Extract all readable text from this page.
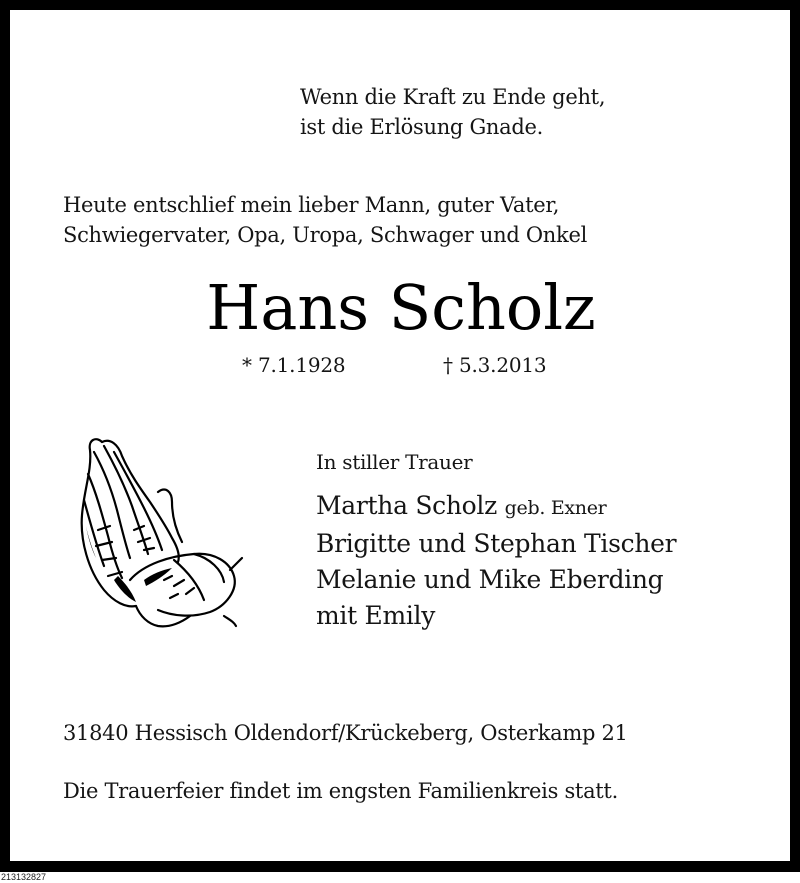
Wenn die Kraft zu Ende geht,
ist die Erlösung Gnade.
Heute entschlief mein lieber Mann, guter Vater,
Schwiegervater, Opa, Uropa, Schwager und Onkel
Hans Scholz
* 7.1.1928	† 5.3.2013
In stiller Trauer
Martha Scholz geb. Exner
Brigitte und Stephan Tischer
Melanie und Mike Eberding
mit Emily
31840 Hessisch Oldendorf/Krückeberg, Osterkamp 21
Die Trauerfeier findet im engsten Familienkreis statt.
213132827
